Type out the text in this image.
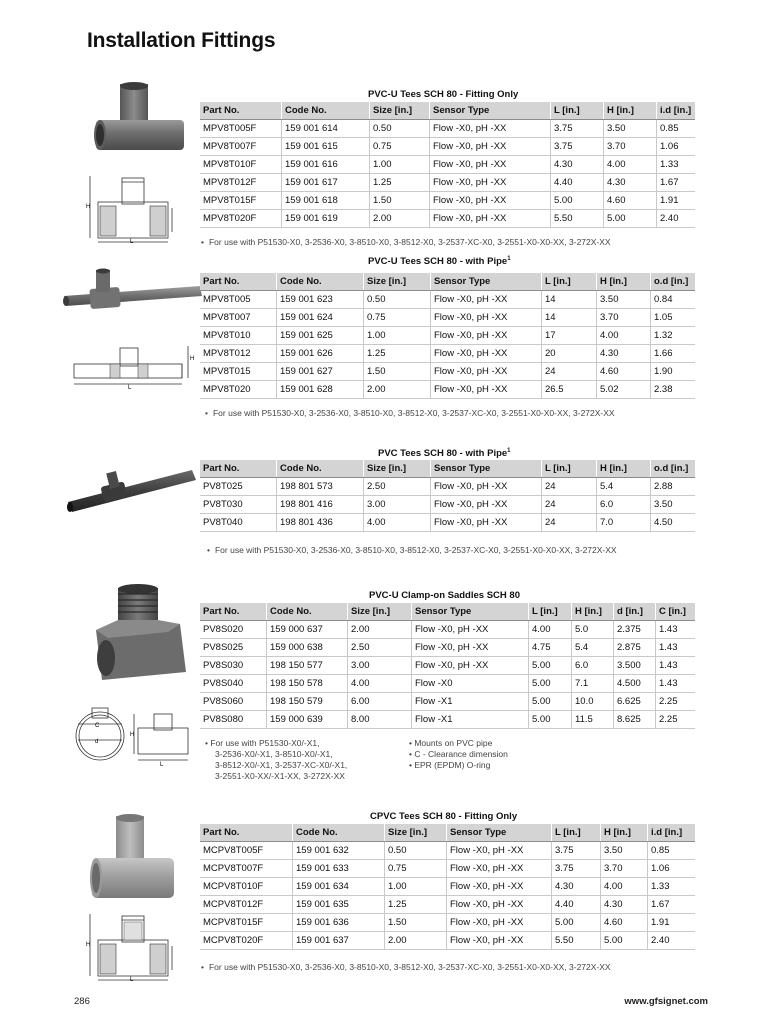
Installation Fittings
PVC-U Tees SCH 80 - Fitting Only
H
L
Part No.	Code No.	Size [in.]	Sensor Type	L [in.]	H [in.]	i.d [in.]
MPV8T005F	159 001 614	0.50	Flow -X0, pH -XX	3.75	3.50	0.85
MPV8T007F	159 001 615	0.75	Flow -X0, pH -XX	3.75	3.70	1.06
MPV8T010F	159 001 616	1.00	Flow -X0, pH -XX	4.30	4.00	1.33
MPV8T012F	159 001 617	1.25	Flow -X0, pH -XX	4.40	4.30	1.67
MPV8T015F	159 001 618	1.50	Flow -X0, pH -XX	5.00	4.60	1.91
MPV8T020F	159 001 619	2.00	Flow -X0, pH -XX	5.50	5.00	2.40
• For use with P51530-X0, 3-2536-X0, 3-8510-X0, 3-8512-X0, 3-2537-XC-X0, 3-2551-X0-X0-XX, 3-272X-XX
PVC-U Tees SCH 80 - with Pipe$^1$
H
L
Part No.	Code No.	Size [in.]	Sensor Type	L [in.]	H [in.]	o.d [in.]
MPV8T005	159 001 623	0.50	Flow -X0, pH -XX	14	3.50	0.84
MPV8T007	159 001 624	0.75	Flow -X0, pH -XX	14	3.70	1.05
MPV8T010	159 001 625	1.00	Flow -X0, pH -XX	17	4.00	1.32
MPV8T012	159 001 626	1.25	Flow -X0, pH -XX	20	4.30	1.66
MPV8T015	159 001 627	1.50	Flow -X0, pH -XX	24	4.60	1.90
MPV8T020	159 001 628	2.00	Flow -X0, pH -XX	26.5	5.02	2.38
• For use with P51530-X0, 3-2536-X0, 3-8510-X0, 3-8512-X0, 3-2537-XC-X0, 3-2551-X0-X0-XX, 3-272X-XX
PVC Tees SCH 80 - with Pipe$^1$
Part No.	Code No.	Size [in.]	Sensor Type	L [in.]	H [in.]	o.d [in.]
PV8T025	198 801 573	2.50	Flow -X0, pH -XX	24	5.4	2.88
PV8T030	198 801 416	3.00	Flow -X0, pH -XX	24	6.0	3.50
PV8T040	198 801 436	4.00	Flow -X0, pH -XX	24	7.0	4.50
• For use with P51530-X0, 3-2536-X0, 3-8510-X0, 3-8512-X0, 3-2537-XC-X0, 3-2551-X0-X0-XX, 3-272X-XX
PVC-U Clamp-on Saddles SCH 80
C
d
H
L
Part No.	Code No.	Size [in.]	Sensor Type	L [in.]	H [in.]	d [in.]	C [in.]
PV8S020	159 000 637	2.00	Flow -X0, pH -XX	4.00	5.0	2.375	1.43
PV8S025	159 000 638	2.50	Flow -X0, pH -XX	4.75	5.4	2.875	1.43
PV8S030	198 150 577	3.00	Flow -X0, pH -XX	5.00	6.0	3.500	1.43
PV8S040	198 150 578	4.00	Flow -X0	5.00	7.1	4.500	1.43
PV8S060	198 150 579	6.00	Flow -X1	5.00	10.0	6.625	2.25
PV8S080	159 000 639	8.00	Flow -X1	5.00	11.5	8.625	2.25
• For use with P51530-X0/-X1,
3-2536-X0/-X1, 3-8510-X0/-X1,
3-8512-X0/-X1, 3-2537-XC-X0/-X1,
3-2551-X0-XX/-X1-XX, 3-272X-XX
• Mounts on PVC pipe
• C - Clearance dimension
• EPR (EPDM) O-ring
CPVC Tees SCH 80 - Fitting Only
H
L
Part No.	Code No.	Size [in.]	Sensor Type	L [in.]	H [in.]	i.d [in.]
MCPV8T005F	159 001 632	0.50	Flow -X0, pH -XX	3.75	3.50	0.85
MCPV8T007F	159 001 633	0.75	Flow -X0, pH -XX	3.75	3.70	1.06
MCPV8T010F	159 001 634	1.00	Flow -X0, pH -XX	4.30	4.00	1.33
MCPV8T012F	159 001 635	1.25	Flow -X0, pH -XX	4.40	4.30	1.67
MCPV8T015F	159 001 636	1.50	Flow -X0, pH -XX	5.00	4.60	1.91
MCPV8T020F	159 001 637	2.00	Flow -X0, pH -XX	5.50	5.00	2.40
• For use with P51530-X0, 3-2536-X0, 3-8510-X0, 3-8512-X0, 3-2537-XC-X0, 3-2551-X0-X0-XX, 3-272X-XX
286	www.gfsignet.com
